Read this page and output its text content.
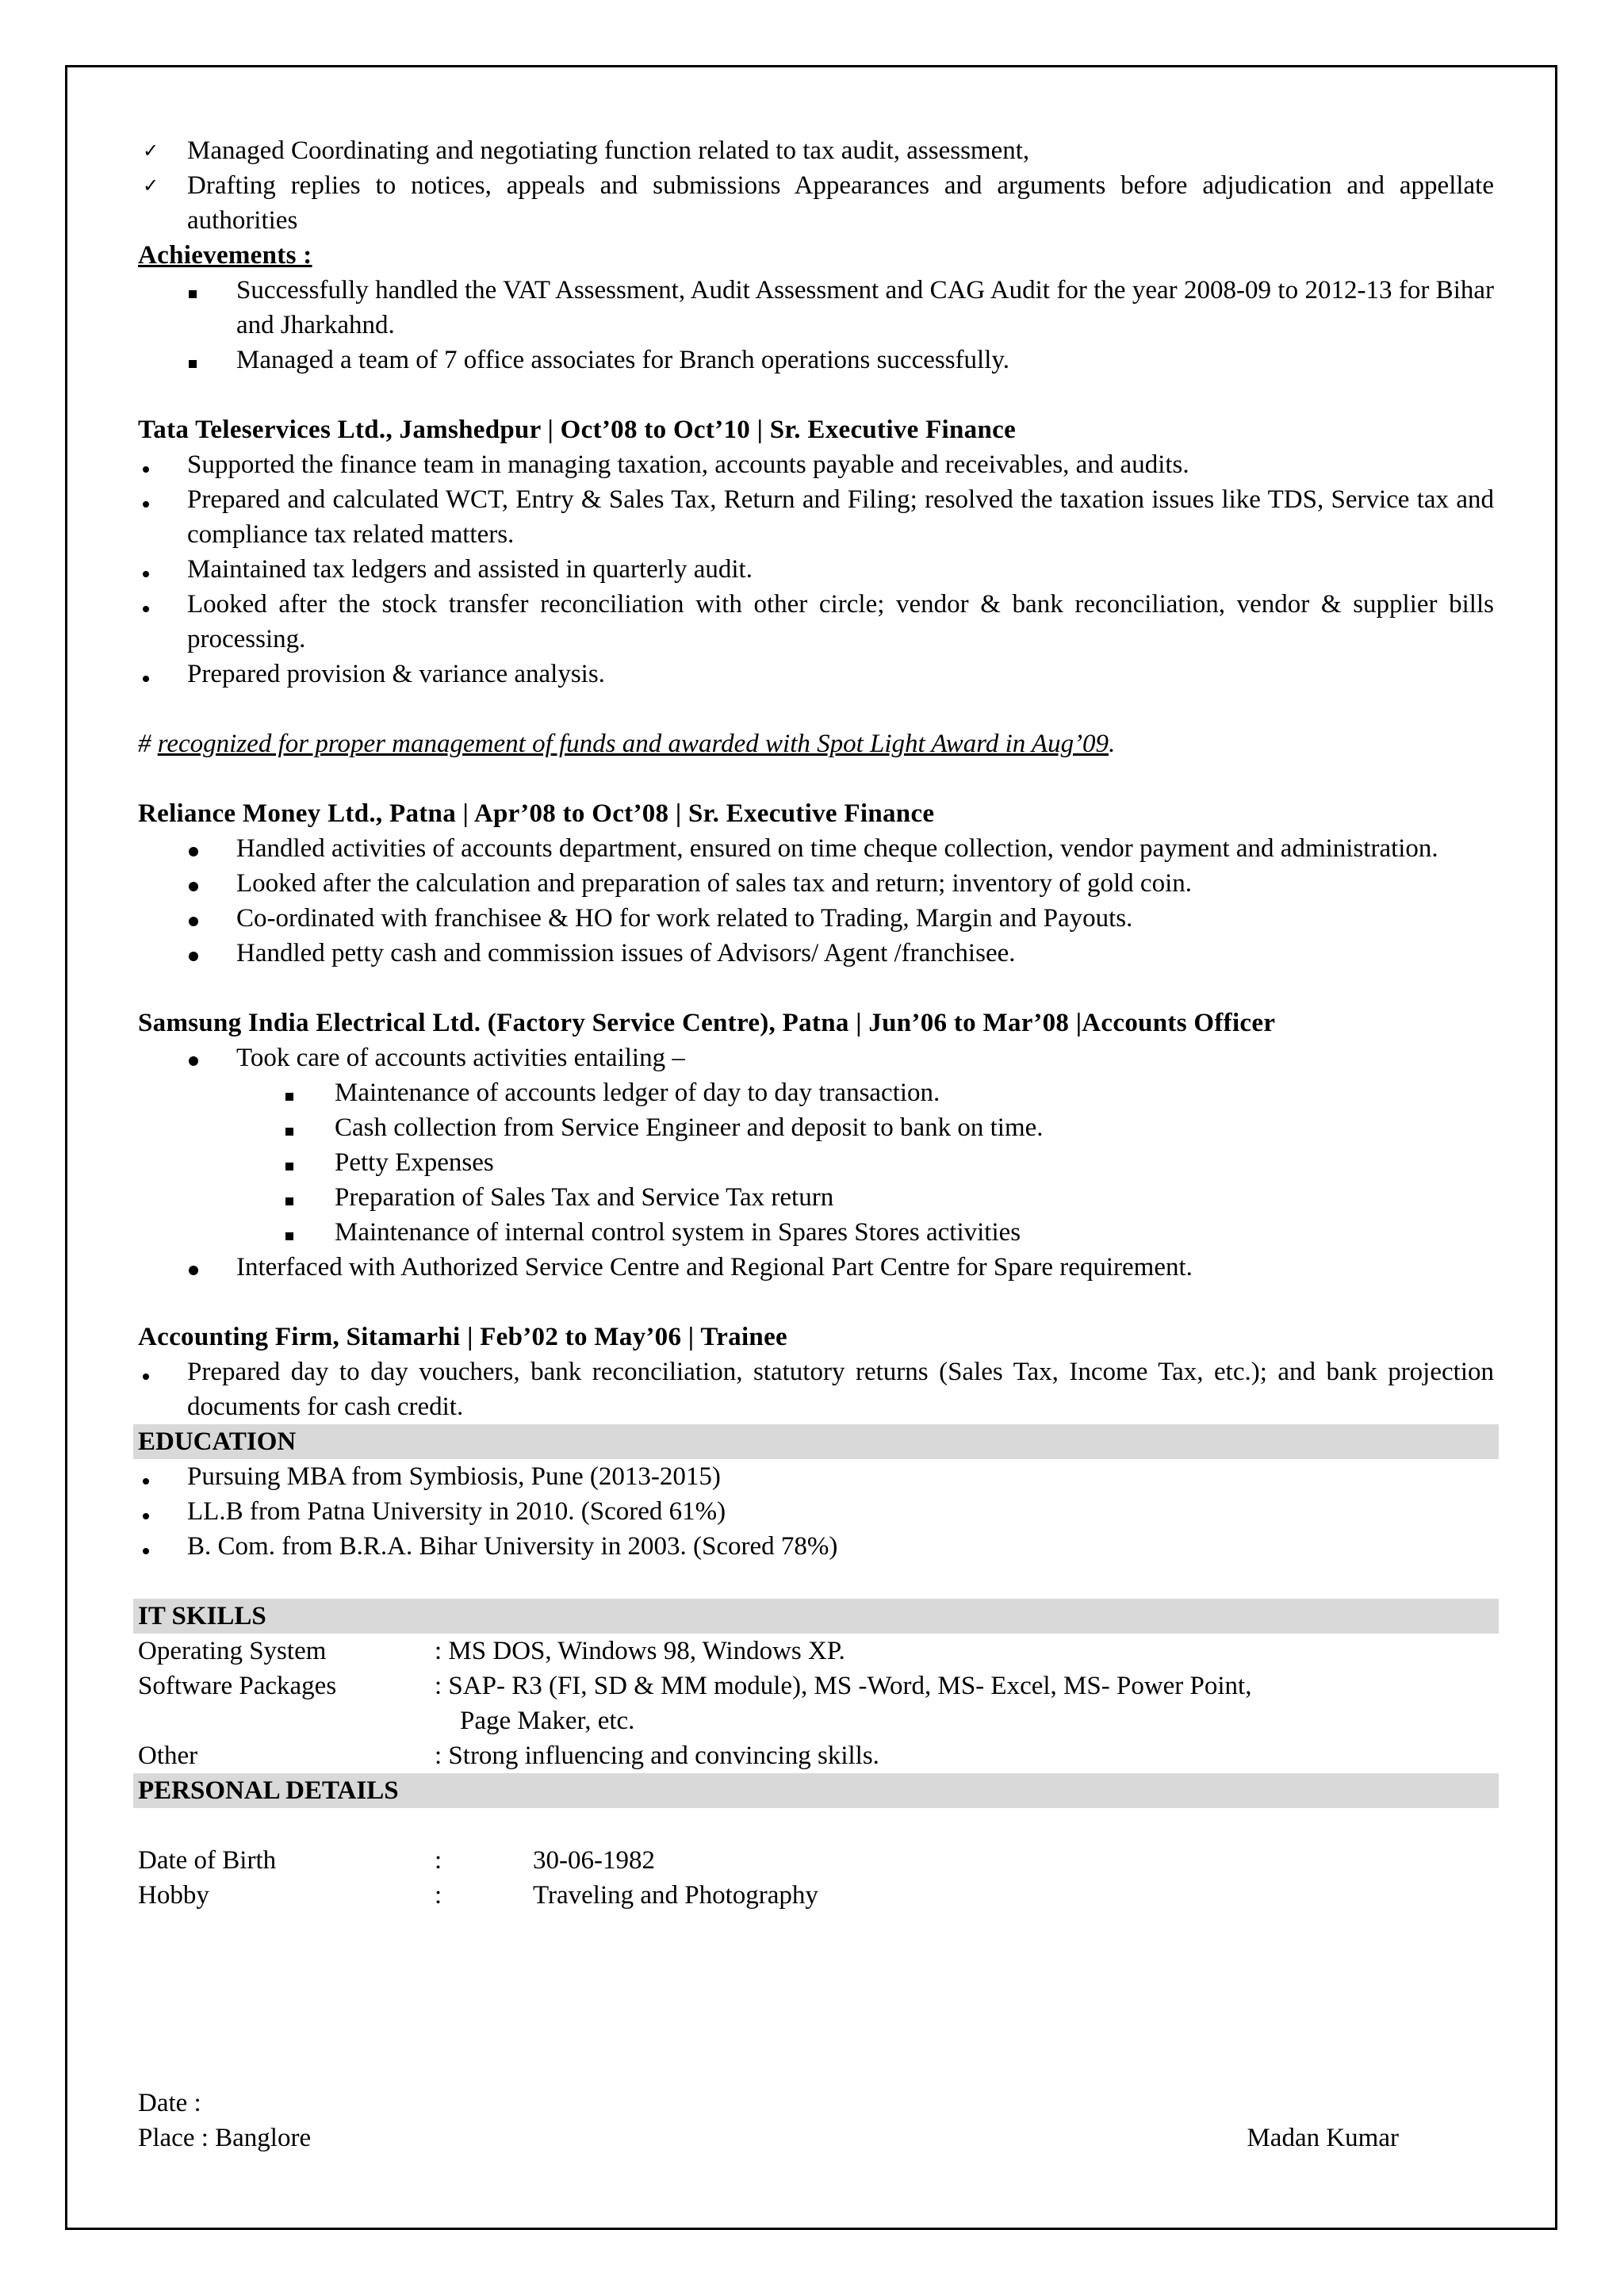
✓ Managed Coordinating and negotiating function related to tax audit, assessment,

✓ Drafting replies to notices, appeals and submissions Appearances and arguments before adjudication and appellate authorities

Achievements :

Successfully handled the VAT Assessment, Audit Assessment and CAG Audit for the year 2008-09 to 2012-13 for Bihar and Jharkahnd.

Managed a team of 7 office associates for Branch operations successfully.

Tata Teleservices Ltd., Jamshedpur | Oct’08 to Oct’10 | Sr. Executive Finance

Supported the finance team in managing taxation, accounts payable and receivables, and audits.

Prepared and calculated WCT, Entry & Sales Tax, Return and Filing; resolved the taxation issues like TDS, Service tax and compliance tax related matters.

Maintained tax ledgers and assisted in quarterly audit.

Looked after the stock transfer reconciliation with other circle; vendor & bank reconciliation, vendor & supplier bills processing.

Prepared provision & variance analysis.

# recognized for proper management of funds and awarded with Spot Light Award in Aug’09.

Reliance Money Ltd., Patna | Apr’08 to Oct’08 | Sr. Executive Finance

Handled activities of accounts department, ensured on time cheque collection, vendor payment and administration.

Looked after the calculation and preparation of sales tax and return; inventory of gold coin.

Co-ordinated with franchisee & HO for work related to Trading, Margin and Payouts.

Handled petty cash and commission issues of Advisors/ Agent /franchisee.

Samsung India Electrical Ltd. (Factory Service Centre), Patna | Jun’06 to Mar’08 |Accounts Officer

Took care of accounts activities entailing –

Maintenance of accounts ledger of day to day transaction.

Cash collection from Service Engineer and deposit to bank on time.

Petty Expenses

Preparation of Sales Tax and Service Tax return

Maintenance of internal control system in Spares Stores activities

Interfaced with Authorized Service Centre and Regional Part Centre for Spare requirement.

Accounting Firm, Sitamarhi | Feb’02 to May’06 | Trainee

Prepared day to day vouchers, bank reconciliation, statutory returns (Sales Tax, Income Tax, etc.); and bank projection documents for cash credit.

EDUCATION

Pursuing MBA from Symbiosis, Pune (2013-2015)

LL.B from Patna University in 2010. (Scored 61%)

B. Com. from B.R.A. Bihar University in 2003. (Scored 78%)

IT SKILLS

Operating System	: MS DOS, Windows 98, Windows XP.
Software Packages	: SAP- R3 (FI, SD & MM module), MS -Word, MS- Excel, MS- Power Point,
Page Maker, etc.
Other	: Strong influencing and convincing skills.

PERSONAL DETAILS

Date of Birth	:	30-06-1982
Hobby	:	Traveling and Photography

Date :

Place : Banglore	Madan Kumar
